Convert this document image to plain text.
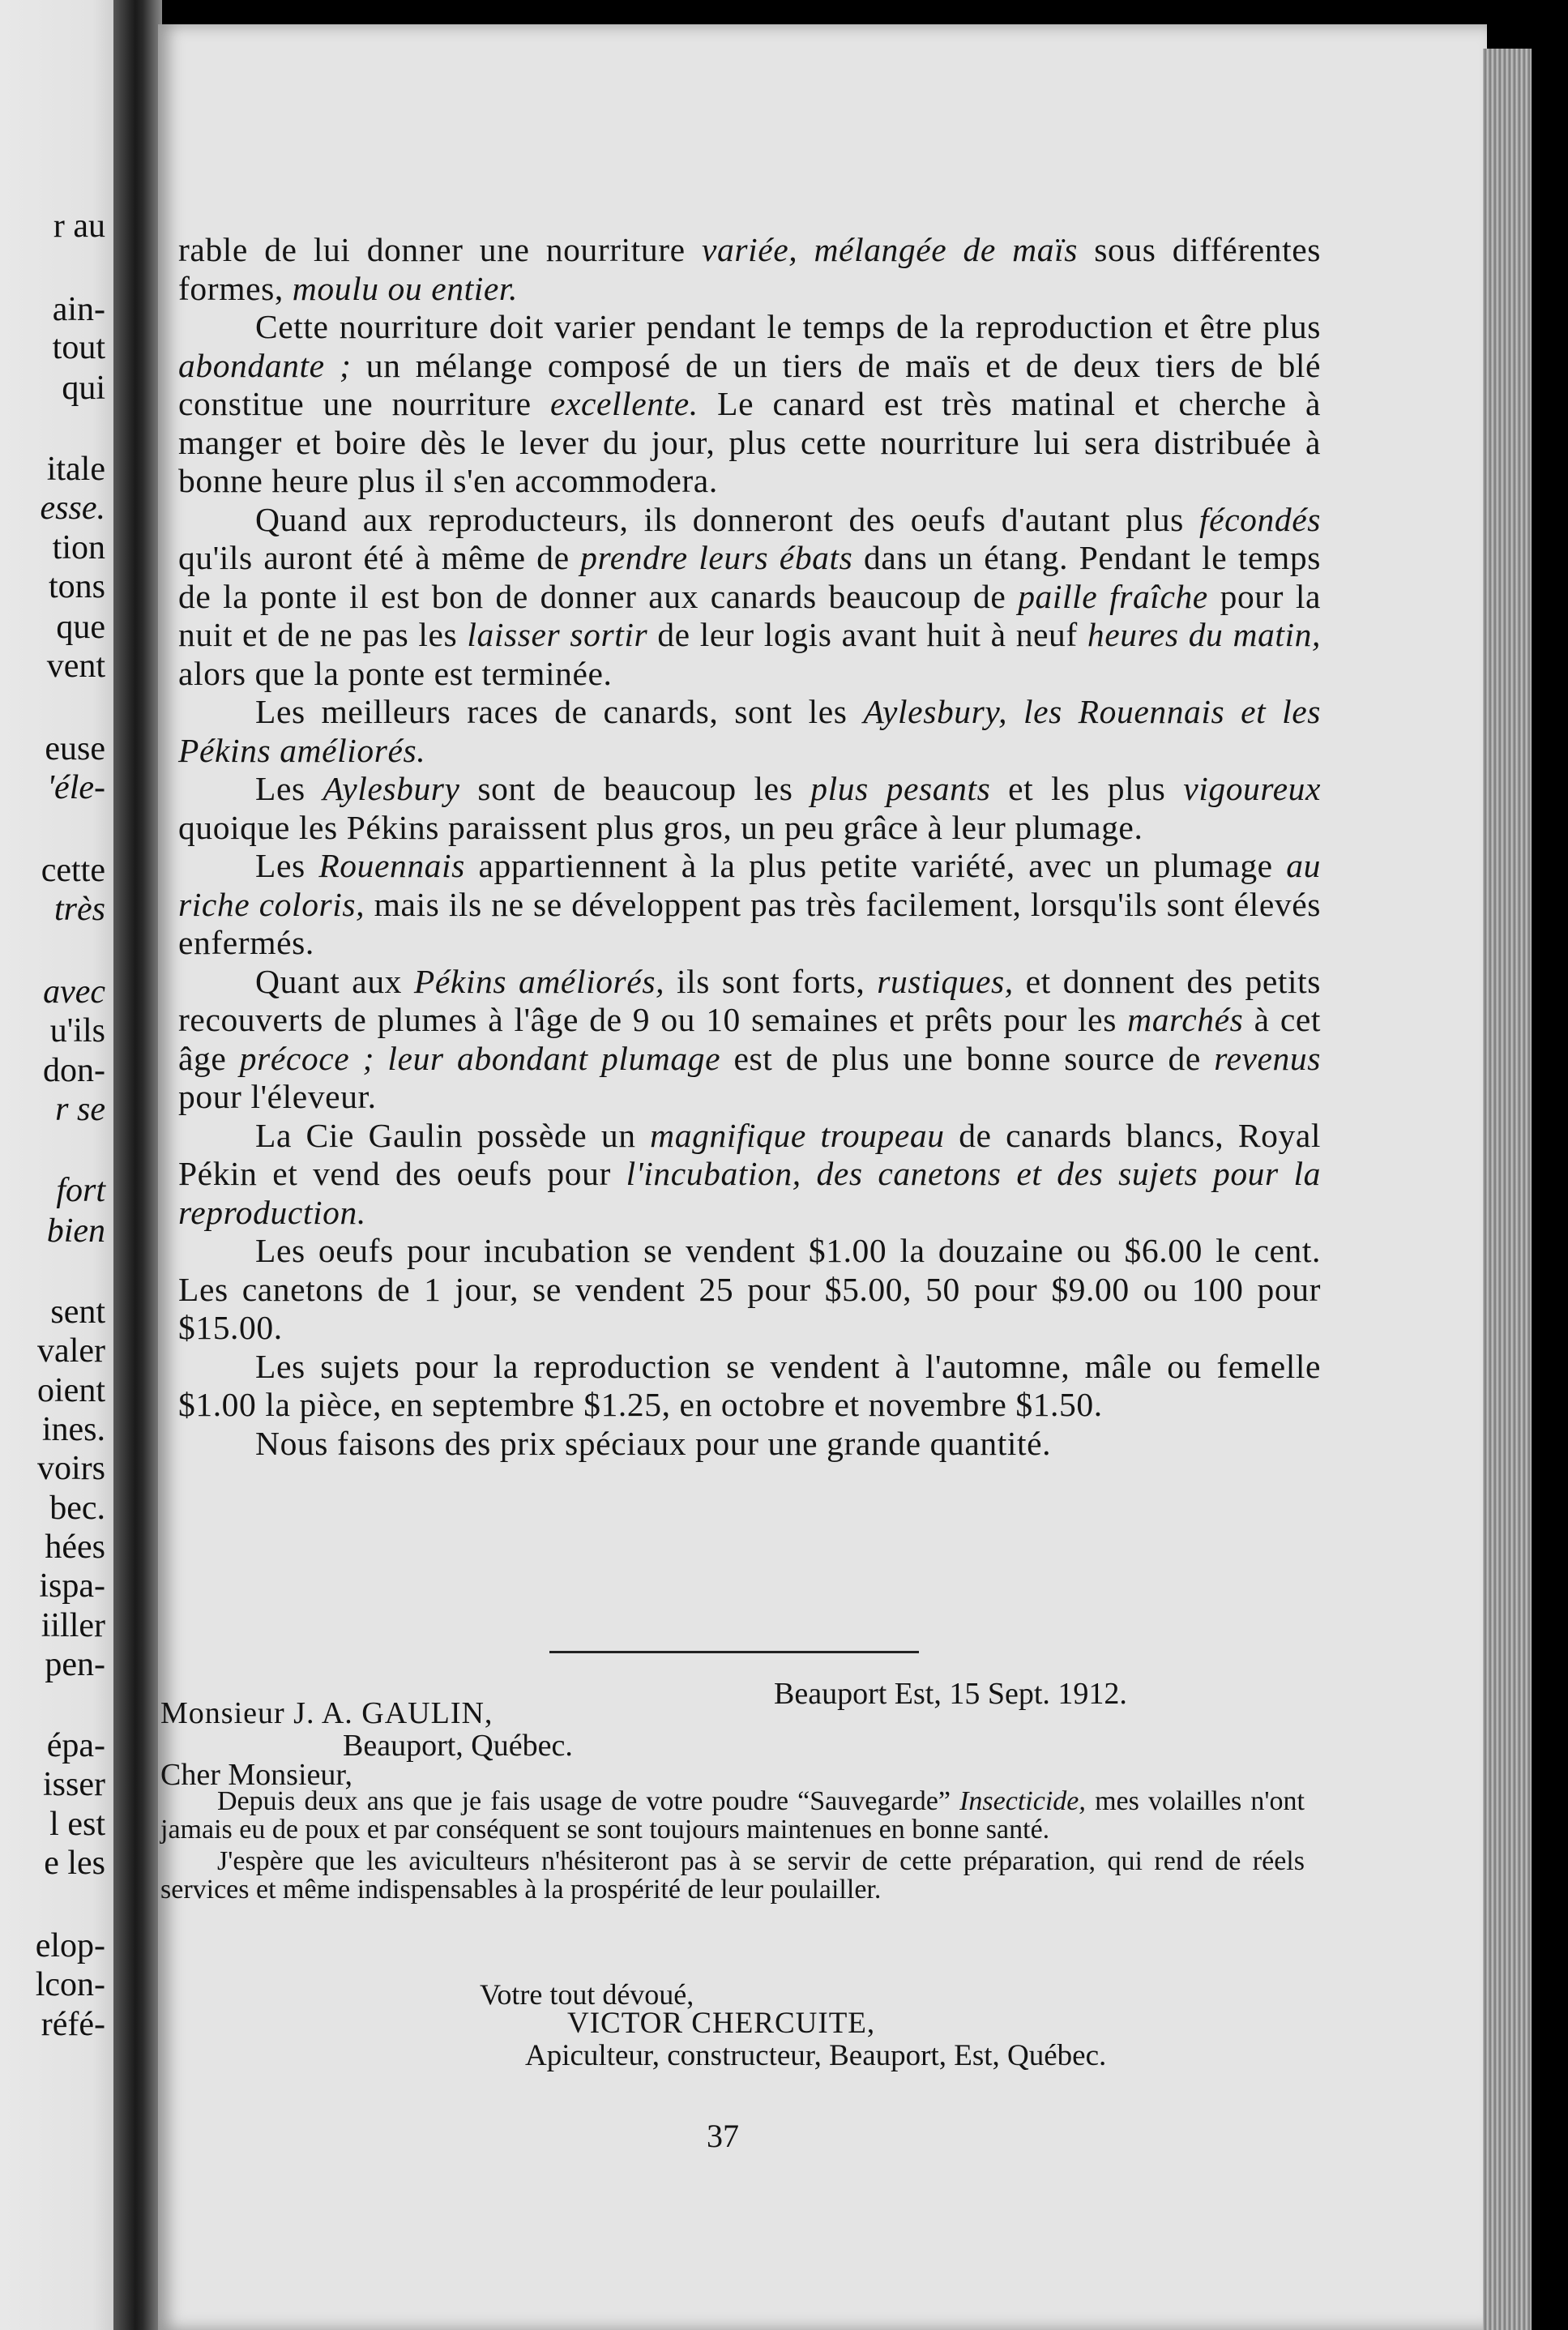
r au
ain-
tout
qui
itale
esse.
tion
tons
que
vent
euse
'éle-
cette
très
avec
u'ils
don-
r se
fort
bien
sent
valer
oient
ines.
voirs
bec.
hées
ispa-
iiller
pen-
épa-
isser
l est
e les
elop-
lcon-
réfé-

rable de lui donner une nourriture variée, mélangée de maïs sous différentes formes, moulu ou entier.

Cette nourriture doit varier pendant le temps de la reproduction et être plus abondante ; un mélange composé de un tiers de maïs et de deux tiers de blé constitue une nourriture excellente. Le canard est très matinal et cherche à manger et boire dès le lever du jour, plus cette nourriture lui sera distribuée à bonne heure plus il s'en accommodera.

Quand aux reproducteurs, ils donneront des oeufs d'autant plus fécondés qu'ils auront été à même de prendre leurs ébats dans un étang. Pendant le temps de la ponte il est bon de donner aux canards beaucoup de paille fraîche pour la nuit et de ne pas les laisser sortir de leur logis avant huit à neuf heures du matin, alors que la ponte est terminée.

Les meilleurs races de canards, sont les Aylesbury, les Rouennais et les Pékins améliorés.

Les Aylesbury sont de beaucoup les plus pesants et les plus vigoureux quoique les Pékins paraissent plus gros, un peu grâce à leur plumage.

Les Rouennais appartiennent à la plus petite variété, avec un plumage au riche coloris, mais ils ne se développent pas très facilement, lorsqu'ils sont élevés enfermés.

Quant aux Pékins améliorés, ils sont forts, rustiques, et donnent des petits recouverts de plumes à l'âge de 9 ou 10 semaines et prêts pour les marchés à cet âge précoce ; leur abondant plumage est de plus une bonne source de revenus pour l'éleveur.

La Cie Gaulin possède un magnifique troupeau de canards blancs, Royal Pékin et vend des oeufs pour l'incubation, des canetons et des sujets pour la reproduction.

Les oeufs pour incubation se vendent $1.00 la douzaine ou $6.00 le cent. Les canetons de 1 jour, se vendent 25 pour $5.00, 50 pour $9.00 ou 100 pour $15.00.

Les sujets pour la reproduction se vendent à l'automne, mâle ou femelle $1.00 la pièce, en septembre $1.25, en octobre et novembre $1.50.

Nous faisons des prix spéciaux pour une grande quantité.

Beauport Est, 15 Sept. 1912.
Monsieur J. A. GAULIN,
Beauport, Québec.
Cher Monsieur,

Depuis deux ans que je fais usage de votre poudre “Sauvegarde” Insecticide, mes volailles n'ont jamais eu de poux et par conséquent se sont toujours maintenues en bonne santé.

J'espère que les aviculteurs n'hésiteront pas à se servir de cette préparation, qui rend de réels services et même indispensables à la prospérité de leur poulailler.

Votre tout dévoué,
VICTOR CHERCUITE,
Apiculteur, constructeur, Beauport, Est, Québec.
37
